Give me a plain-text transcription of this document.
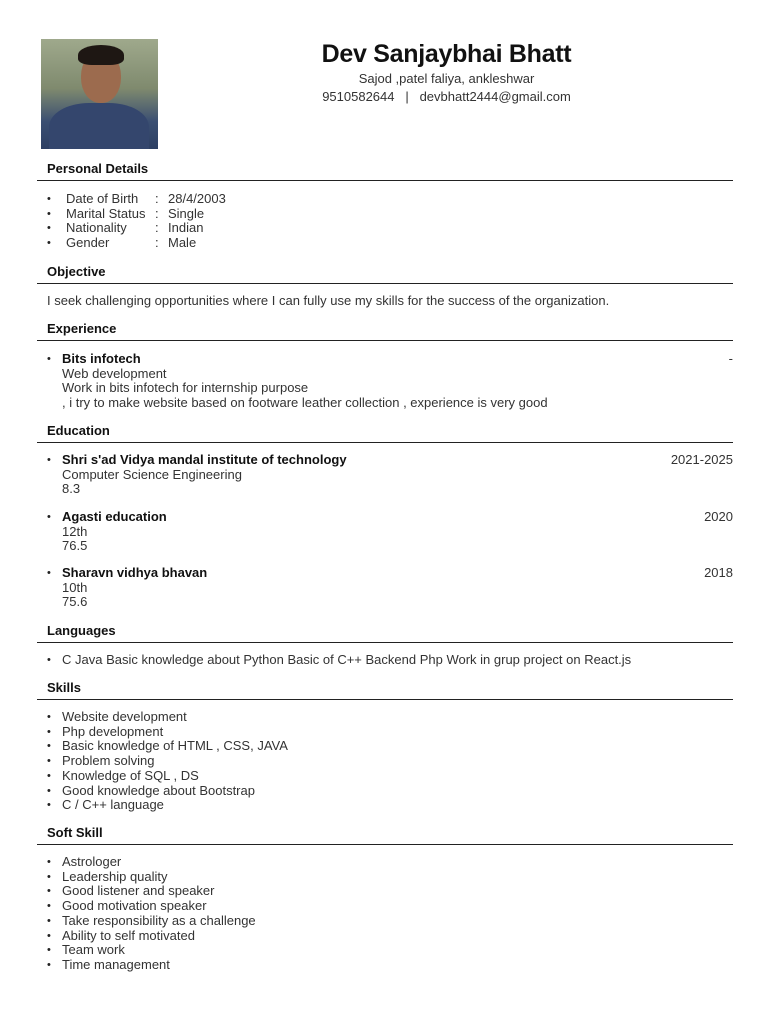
Dev Sanjaybhai Bhatt
Sajod ,patel faliya, ankleshwar
9510582644 | devbhatt2444@gmail.com
Personal Details
• Date of Birth	: 28/4/2003
• Marital Status : Single
• Nationality	: Indian
• Gender	: Male
Objective
I seek challenging opportunities where I can fully use my skills for the success of the organization.
Experience
• Bits infotech	-
Web development
Work in bits infotech for internship purpose
, i try to make website based on footware leather collection , experience is very good
Education
• Shri s'ad Vidya mandal institute of technology	2021-2025
Computer Science Engineering
8.3
• Agasti education	2020
12th
76.5
• Sharavn vidhya bhavan	2018
10th
75.6
Languages
• C Java Basic knowledge about Python Basic of C++ Backend Php Work in grup project on React.js
Skills
• Website development
• Php development
• Basic knowledge of HTML , CSS, JAVA
• Problem solving
• Knowledge of SQL , DS
• Good knowledge about Bootstrap
• C / C++ language
Soft Skill
• Astrologer
• Leadership quality
• Good listener and speaker
• Good motivation speaker
• Take responsibility as a challenge
• Ability to self motivated
• Team work
• Time management
